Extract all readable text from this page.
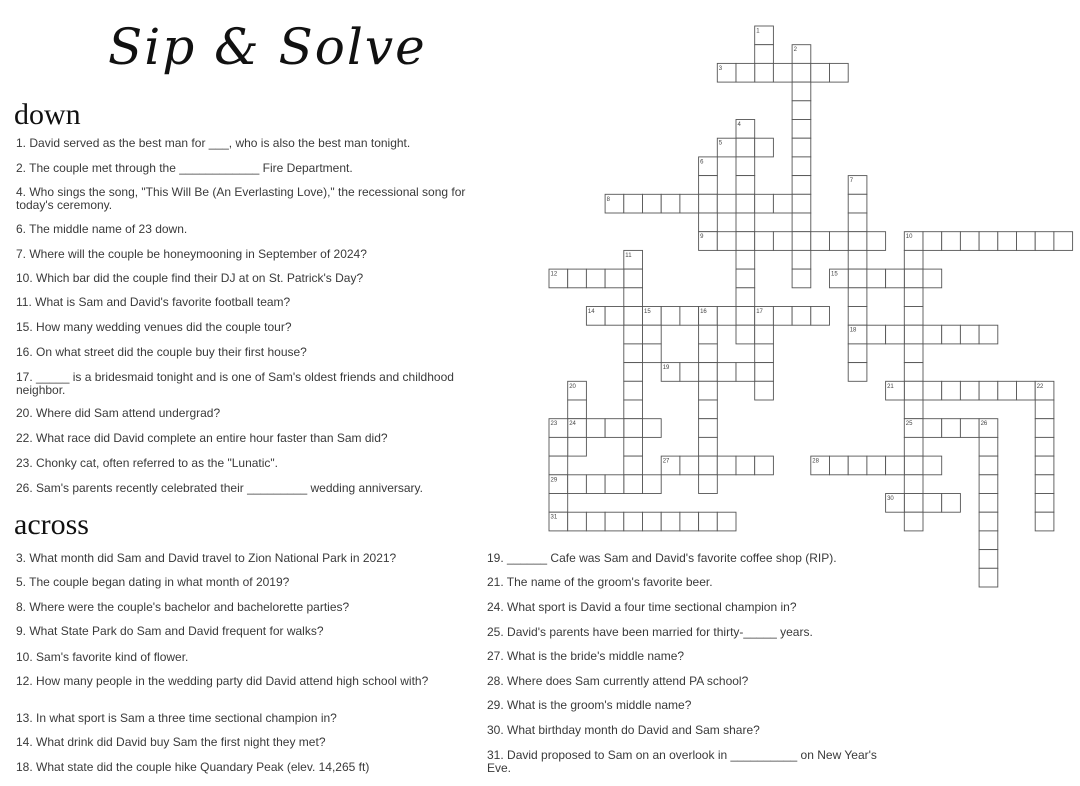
Sip & Solve
down
1. David served as the best man for ___, who is also the best man tonight.
2. The couple met through the ____________ Fire Department.
4. Who sings the song, "This Will Be (An Everlasting Love)," the recessional song for today's ceremony.
6. The middle name of 23 down.
7. Where will the couple be honeymooning in September of 2024?
10. Which bar did the couple find their DJ at on St. Patrick's Day?
11. What is Sam and David's favorite football team?
15. How many wedding venues did the couple tour?
16. On what street did the couple buy their first house?
17. _____ is a bridesmaid tonight and is one of Sam's oldest friends and childhood neighbor.
20. Where did Sam attend undergrad?
22. What race did David complete an entire hour faster than Sam did?
23. Chonky cat, often referred to as the "Lunatic".
26. Sam's parents recently celebrated their _________ wedding anniversary.
across
3. What month did Sam and David travel to Zion National Park in 2021?
5. The couple began dating in what month of 2019?
8. Where were the couple's bachelor and bachelorette parties?
9. What State Park do Sam and David frequent for walks?
10. Sam's favorite kind of flower.
12. How many people in the wedding party did David attend high school with?
13. In what sport is Sam a three time sectional champion in?
14. What drink did David buy Sam the first night they met?
18. What state did the couple hike Quandary Peak (elev. 14,265 ft)
19. ______ Cafe was Sam and David's favorite coffee shop (RIP).
21. The name of the groom's favorite beer.
24. What sport is David a four time sectional champion in?
25. David's parents have been married for thirty-_____ years.
27. What is the bride's middle name?
28. Where does Sam currently attend PA school?
29. What is the groom's middle name?
30. What birthday month do David and Sam share?
31. David proposed to Sam on an overlook in __________ on New Year's Eve.
1
2
3
4
5
6
7
8
9	10
11
12	15
14	15	16	17
18
19
20	21	22
23 24	25	26
27	28
29
30
31
